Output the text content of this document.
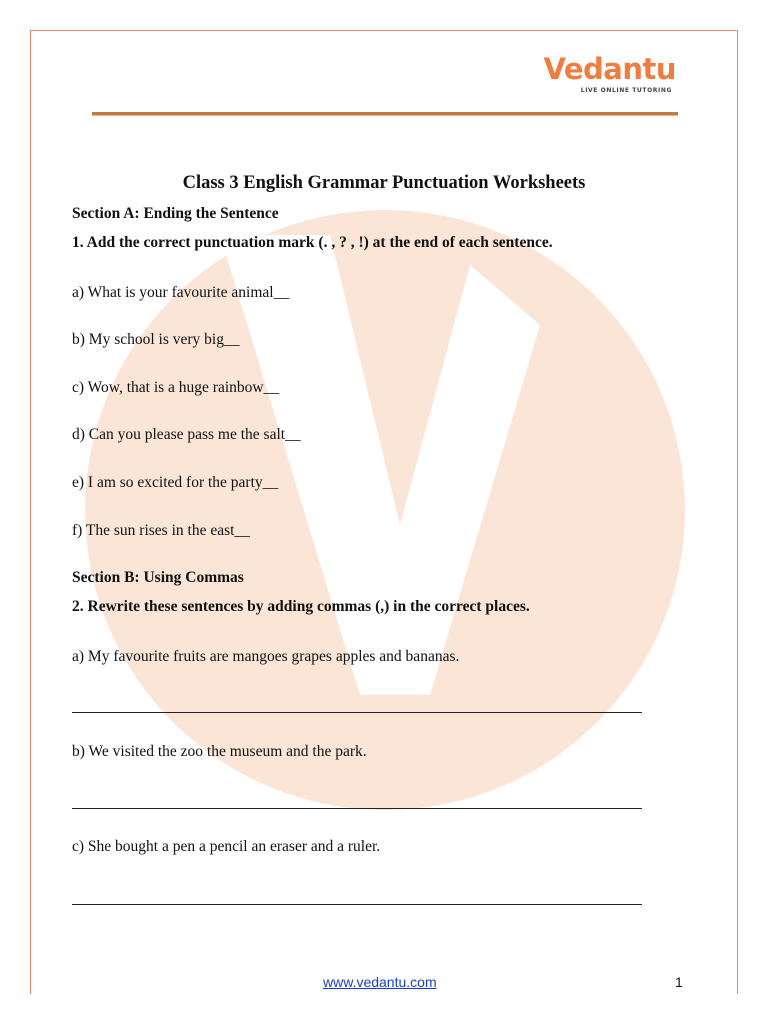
Vedantu
LIVE ONLINE TUTORING
Class 3 English Grammar Punctuation Worksheets
Section A: Ending the Sentence
1. Add the correct punctuation mark (. , ? , !) at the end of each sentence.
a) What is your favourite animal__
b) My school is very big__
c) Wow, that is a huge rainbow__
d) Can you please pass me the salt__
e) I am so excited for the party__
f) The sun rises in the east__
Section B: Using Commas
2. Rewrite these sentences by adding commas (,) in the correct places.
a) My favourite fruits are mangoes grapes apples and bananas.
b) We visited the zoo the museum and the park.
c) She bought a pen a pencil an eraser and a ruler.
www.vedantu.com	1
